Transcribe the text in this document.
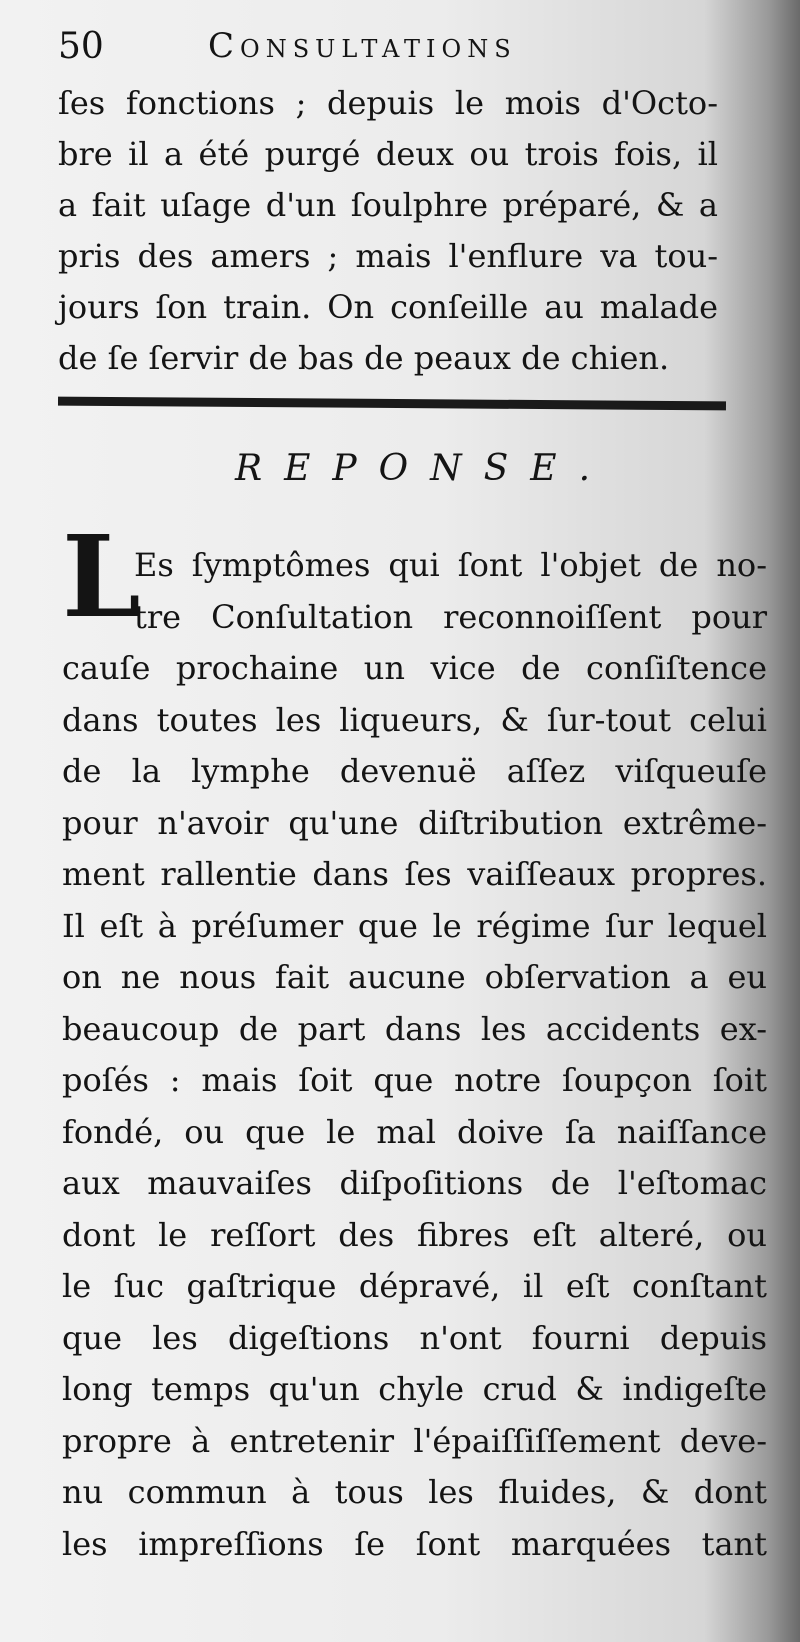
50	Consultations
ſes fonctions ; depuis le mois d'Octo-
bre il a été purgé deux ou trois fois, il
a fait uſage d'un ſoulphre préparé, & a
pris des amers ; mais l'enflure va tou-
jours ſon train. On conſeille au malade
de ſe ſervir de bas de peaux de chien.
REPONSE.
L
Es ſymptômes qui ſont l'objet de no-
tre Conſultation reconnoiſſent pour
cauſe prochaine un vice de conſiſtence
dans toutes les liqueurs, & ſur-tout celui
de la lymphe devenuë aſſez viſqueuſe
pour n'avoir qu'une diſtribution extrême-
ment rallentie dans ſes vaiſſeaux propres.
Il eſt à préſumer que le régime ſur lequel
on ne nous fait aucune obſervation a eu
beaucoup de part dans les accidents ex-
poſés : mais ſoit que notre ſoupçon ſoit
fondé, ou que le mal doive ſa naiſſance
aux mauvaiſes diſpoſitions de l'eſtomac
dont le reſſort des fibres eſt alteré, ou
le ſuc gaſtrique dépravé, il eſt conſtant
que les digeſtions n'ont fourni depuis
long temps qu'un chyle crud & indigeſte
propre à entretenir l'épaiſſiſſement deve-
nu commun à tous les fluides, & dont
les impreſſions ſe ſont marquées tant
